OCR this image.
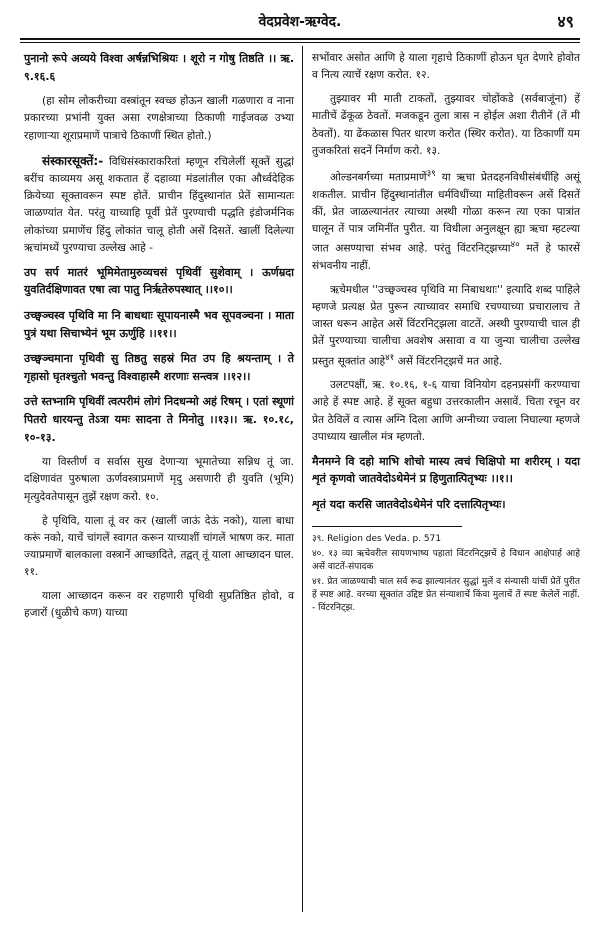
वेदप्रवेश-ऋग्वेद.	४९

पुनानो रूपे अव्यये विश्वा अर्षन्नभिश्रियः । शूरो न गोषु तिष्ठति ।। ऋ. ९.१६.६

(हा सोम लोकरीच्या वस्त्रांतून स्वच्छ होऊन खाली गळणारा व नाना प्रकारच्या प्रभांनी युक्त असा रणक्षेत्राच्या ठिकाणी गाईजवळ उभ्या रहाणाऱ्या शूराप्रमाणें पात्राचे ठिकाणीं स्थित होतो.)

संस्कारसूक्तें:- विधिसंस्काराकरितां म्हणून रचिलेलीं सूक्तें सुद्धां बरींच काव्यमय असू शकतात हें दहाव्या मंडलांतील एका और्ध्वदेहिक क्रियेच्या सूक्तावरून स्पष्ट होतें. प्राचीन हिंदुस्थानांत प्रेतें सामान्यतः जाळण्यांत येत. परंतु याच्याहि पूर्वी प्रेतें पुरण्याची पद्धति इंडोजर्मनिक लोकांच्या प्रमाणेंच हिंदु लोकांत चालू होती असें दिसतें. खालीं दिलेल्या ऋचांमध्यें पुरण्याचा उल्लेख आहे -

उप सर्प मातरं भूमिमेतामुरुव्यचसं पृथिवीं सुशेवाम् । ऊर्णम्रदा युवतिर्दक्षिणावत एषा त्वा पातु निर्ऋतेरुपस्थात् ।।१०।।

उच्छ्वञ्चस्व पृथिवि मा नि बाधथाः सूपायनास्मै भव सूपवञ्चना । माता पुत्रं यथा सिचाभ्येनं भूम ऊर्णुहि ।।११।।

उच्छ्वञ्चमाना पृथिवी सु तिष्ठतु सहस्रं मित उप हि श्रयन्ताम् । ते गृहासो घृतश्चुतो भवन्तु विश्वाहास्मै शरणाः सन्त्वत्र ।।१२।।

उत्ते स्तभ्नामि पृथिवीं त्वत्परीमं लोगं निदधन्मो अहं रिषम् । एतां स्थूणां पितरो धारयन्तु तेऽत्रा यमः सादना ते मिनोतु ।।१३।। ऋ. १०.१८, १०-१३.

या विस्तीर्ण व सर्वास सुख देणाऱ्या भूमातेच्या सन्निध तूं जा. दक्षिणावंत पुरुषाला ऊर्णवस्त्राप्रमाणें मृदु असणारी ही युवति (भूमि) मृत्युदेवतेपासून तुझें रक्षण करो. १०.

हे पृथिवि, याला तूं वर कर (खालीं जाऊं देऊं नको), याला बाधा करूं नको, याचें चांगलें स्वागत करून याच्याशीं चांगलें भाषण कर. माता ज्याप्रमाणें बालकाला वस्त्रानें आच्छादिते, तद्वत् तूं याला आच्छादन घाल. ११.

याला आच्छादन करून वर राहणारी पृथिवी सुप्रतिष्ठित होवो, व हजारों (धुळीचे कण) याच्या

सभोंवार असोत आणि हे याला गृहाचे ठिकाणीं होऊन घृत देणारे होवोत व नित्य त्याचें रक्षण करोत. १२.

तुझ्यावर मी माती टाकतों, तुझ्यावर चोहोंकडे (सर्वबाजूंना) हें मातीचें ढेंकूळ ठेवतों. मजकडून तुला त्रास न होईल अशा रीतीनें (तें मी ठेवतों). या ढेंकळास पितर धारण करोत (स्थिर करोत). या ठिकाणीं यम तुजकरितां सदनें निर्माण करो. १३.

ओल्डनबर्गच्या मताप्रमाणें$^{३९}$ या ऋचा प्रेतदहनविधीसंबंधींहि असूं शकतील. प्राचीन हिंदुस्थानांतील धर्मविधींच्या माहितीवरून असें दिसतें कीं, प्रेत जाळल्यानंतर त्याच्या अस्थी गोळा करून त्या एका पात्रांत घालून तें पात्र जमिनींत पुरीत. या विधीला अनुलक्षून ह्या ऋचा म्हटल्या जात असण्याचा संभव आहे. परंतु विंटरनिट्झच्या$^{४०}$ मतें हे फारसें संभवनीय नाहीं.

ऋचेमधील ''उच्छ्वञ्चस्व पृथिवि मा निबाधथाः'' इत्यादि शब्द पाहिले म्हणजे प्रत्यक्ष प्रेत पुरून त्याच्यावर समाधि रचण्याच्या प्रचारालाच ते जास्त धरून आहेत असें विंटरनिट्झला वाटतें. अस्थी पुरण्याची चाल ही प्रेतें पुरण्याच्या चालीचा अवशेष असावा व या जुन्या चालीचा उल्लेख प्रस्तुत सूक्तांत आहे$^{४१}$ असें विंटरनिट्झचें मत आहे.

उलटपक्षीं, ऋ. १०.१६, १-६ याचा विनियोग दहनप्रसंगीं करण्याचा आहे हें स्पष्ट आहे. हें सूक्त बहुधा उत्तरकालीन असावें. चिता रचून वर प्रेत ठेविलें व त्यास अग्नि दिला आणि अग्नीच्या ज्वाला निघाल्या म्हणजे उपाध्याय खालील मंत्र म्हणतो.

मैनमग्ने वि दहो माभि शोचो मास्य त्वचं चिक्षिपो मा शरीरम् । यदा शृतं कृणवो जातवेदोऽथेमेनं प्र हिणुतात्पितृभ्यः ।।१।।

शृतं यदा करसि जातवेदोऽथेमेनं परि दत्तात्पितृभ्यः।

३९. Religion des Veda. p. 571

४०. १३ व्या ऋचेवरील सायणभाष्य पहातां विंटरनिट्झचें हे विधान आक्षेपार्ह आहे असें वाटतें-संपादक

४१. प्रेत जाळण्याची चाल सर्व रूढ झाल्यानंतर सुद्धां मुलें व संन्यासी यांचीं प्रेतें पुरीत हें स्पष्ट आहे. वरच्या सूक्तांत उद्दिष्ट प्रेत संन्याशाचें किंवा मुलाचें तें स्पष्ट केलेलें नाहीं. - विंटरनिट्झ.
